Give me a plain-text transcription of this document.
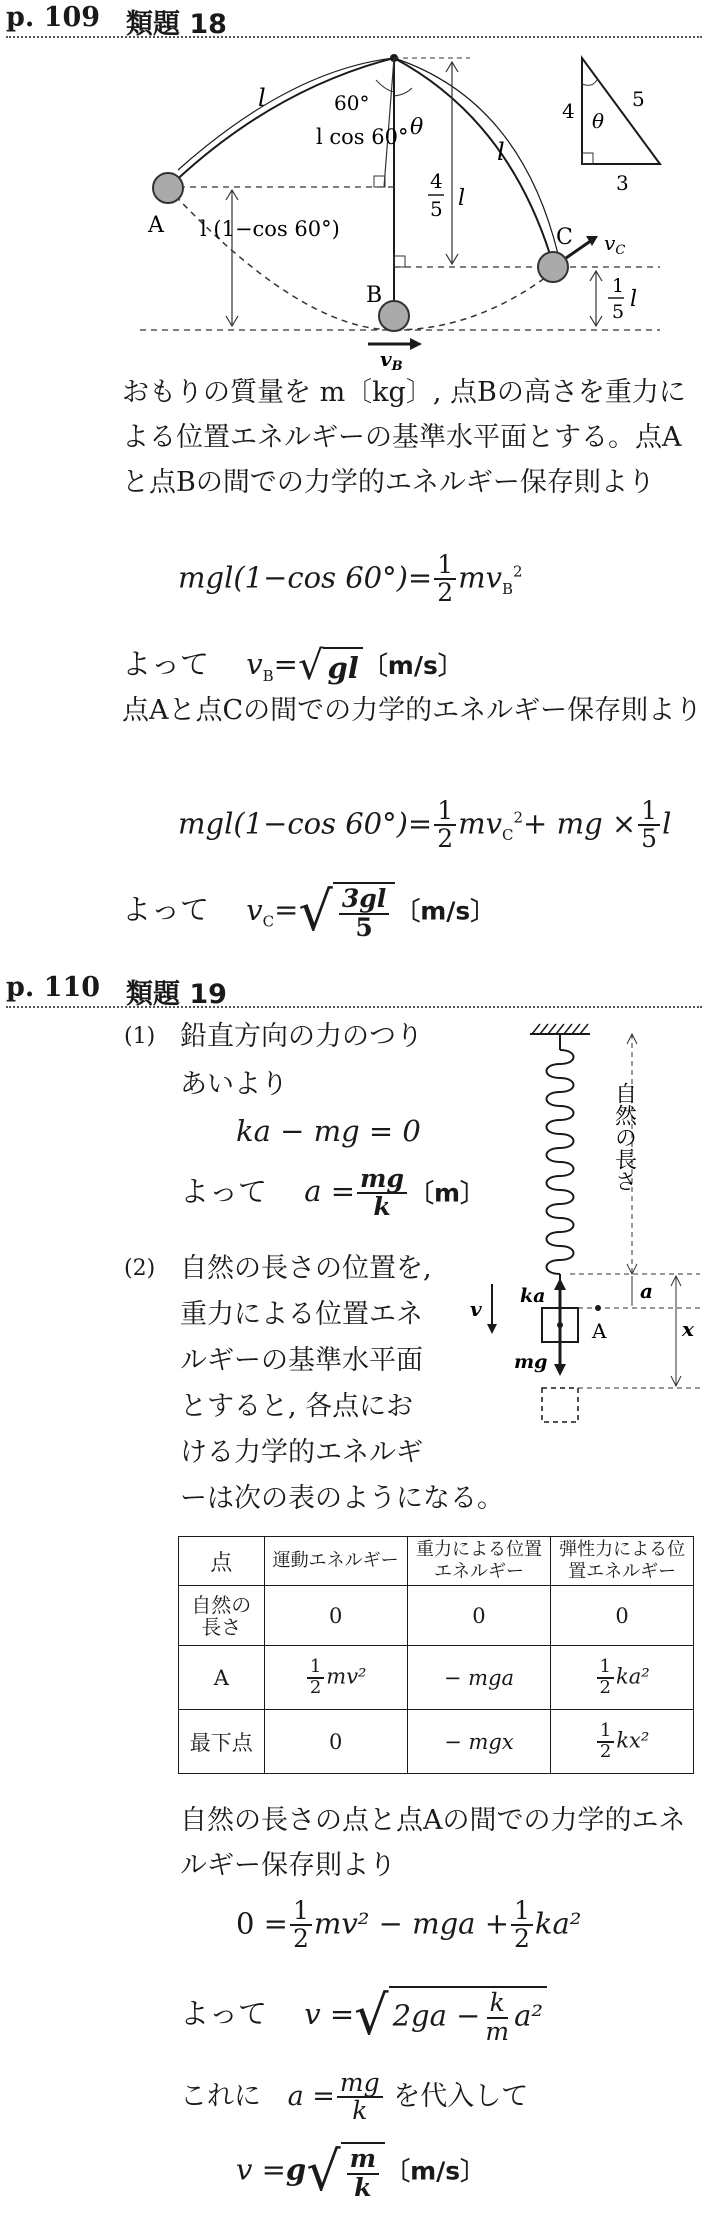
p. 109 類題 18
l
l
60°
l cos 60° θ
4
5 l
A
B
C
$v_B$
$v_C$
l (1−cos 60°)
1
5 l
4	5
3
θ
おもりの質量を m〔kg〕, 点Bの高さを重力による位置エネルギーの基準水平面とする。点Aと点Bの間での力学的エネルギー保存則より
mgl(1−cos $60^\circ)= \frac{1}{2} mv_B^2$
よって $v_B=√$ gl 〔m/s〕
点Aと点Cの間での力学的エネルギー保存則より
mgl(1−cos $60^\circ)= \frac{1}{2} mv_C^2+$ mg × $\frac{1}{5}$ l
よって $v_C=√ \frac{3gl}{5}$ 〔m/s〕
p. 110 類題 19
(1) 鉛直方向の力のつり
あいより
ka − mg = 0
よって $a = \frac{mg}{k}$ 〔m〕
(2) 自然の長さの位置を,
重力による位置エネ
ルギーの基準水平面
とすると, 各点にお
ける力学的エネルギ
ーは次の表のようになる。
自然の長さ
a
x
ka
v
mg
A
点	運動エネルギー	重力による位置エネルギー	弾性力による位置エネルギー
自然の長さ	0	0	0
A	$\frac{1}{2} mv^2$	− mga	$\frac{1}{2} ka^2$
最下点	0	− mgx	$\frac{1}{2} kx^2$
自然の長さの点と点Aの間での力学的エネルギー保存則より
$0 = \frac{1}{2} mv^2$ − mga + $\frac{1}{2} ka^2$
よって v =√ $2ga - \frac{k}{m} a^2$
これに $a = \frac{mg}{k}$ を代入して
$v =g√ \frac{m}{k}$ 〔m/s〕
